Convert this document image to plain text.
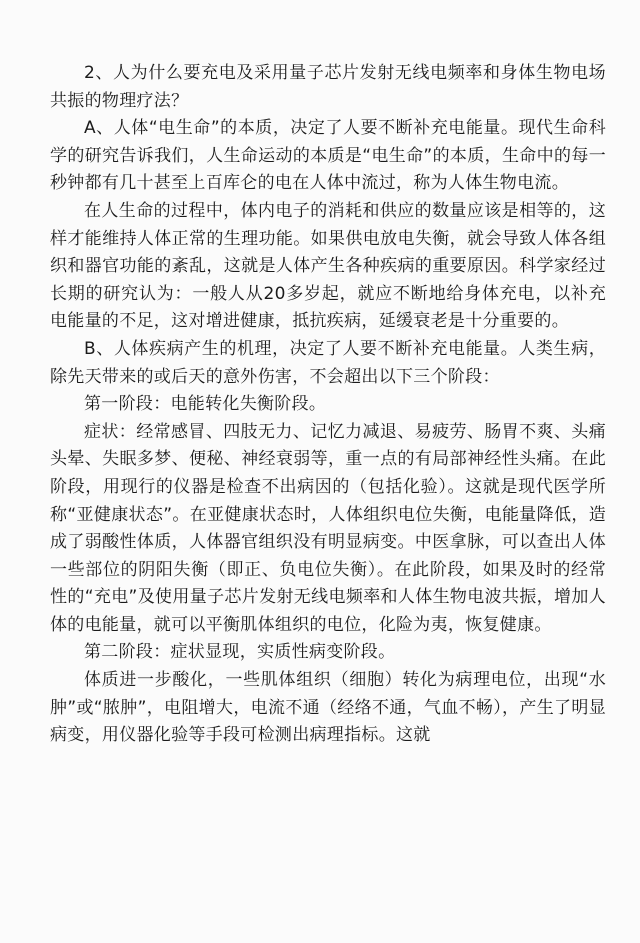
2、人为什么要充电及采用量子芯片发射无线电频率和身体生物电场共振的物理疗法？

A、人体“电生命”的本质，决定了人要不断补充电能量。现代生命科学的研究告诉我们，人生命运动的本质是“电生命”的本质，生命中的每一秒钟都有几十甚至上百库仑的电在人体中流过，称为人体生物电流。

在人生命的过程中，体内电子的消耗和供应的数量应该是相等的，这样才能维持人体正常的生理功能。如果供电放电失衡，就会导致人体各组织和器官功能的紊乱，这就是人体产生各种疾病的重要原因。科学家经过长期的研究认为：一般人从20多岁起，就应不断地给身体充电，以补充电能量的不足，这对增进健康，抵抗疾病，延缓衰老是十分重要的。

B、人体疾病产生的机理，决定了人要不断补充电能量。人类生病，除先天带来的或后天的意外伤害，不会超出以下三个阶段：

第一阶段：电能转化失衡阶段。

症状：经常感冒、四肢无力、记忆力减退、易疲劳、肠胃不爽、头痛头晕、失眠多梦、便秘、神经衰弱等，重一点的有局部神经性头痛。在此阶段，用现行的仪器是检查不出病因的（包括化验）。这就是现代医学所称“亚健康状态”。在亚健康状态时，人体组织电位失衡，电能量降低，造成了弱酸性体质，人体器官组织没有明显病变。中医拿脉，可以查出人体一些部位的阴阳失衡（即正、负电位失衡）。在此阶段，如果及时的经常性的“充电”及使用量子芯片发射无线电频率和人体生物电波共振，增加人体的电能量，就可以平衡肌体组织的电位，化险为夷，恢复健康。

第二阶段：症状显现，实质性病变阶段。

体质进一步酸化，一些肌体组织（细胞）转化为病理电位，出现“水肿”或“脓肿”，电阻增大，电流不通（经络不通，气血不畅），产生了明显病变，用仪器化验等手段可检测出病理指标。这就
